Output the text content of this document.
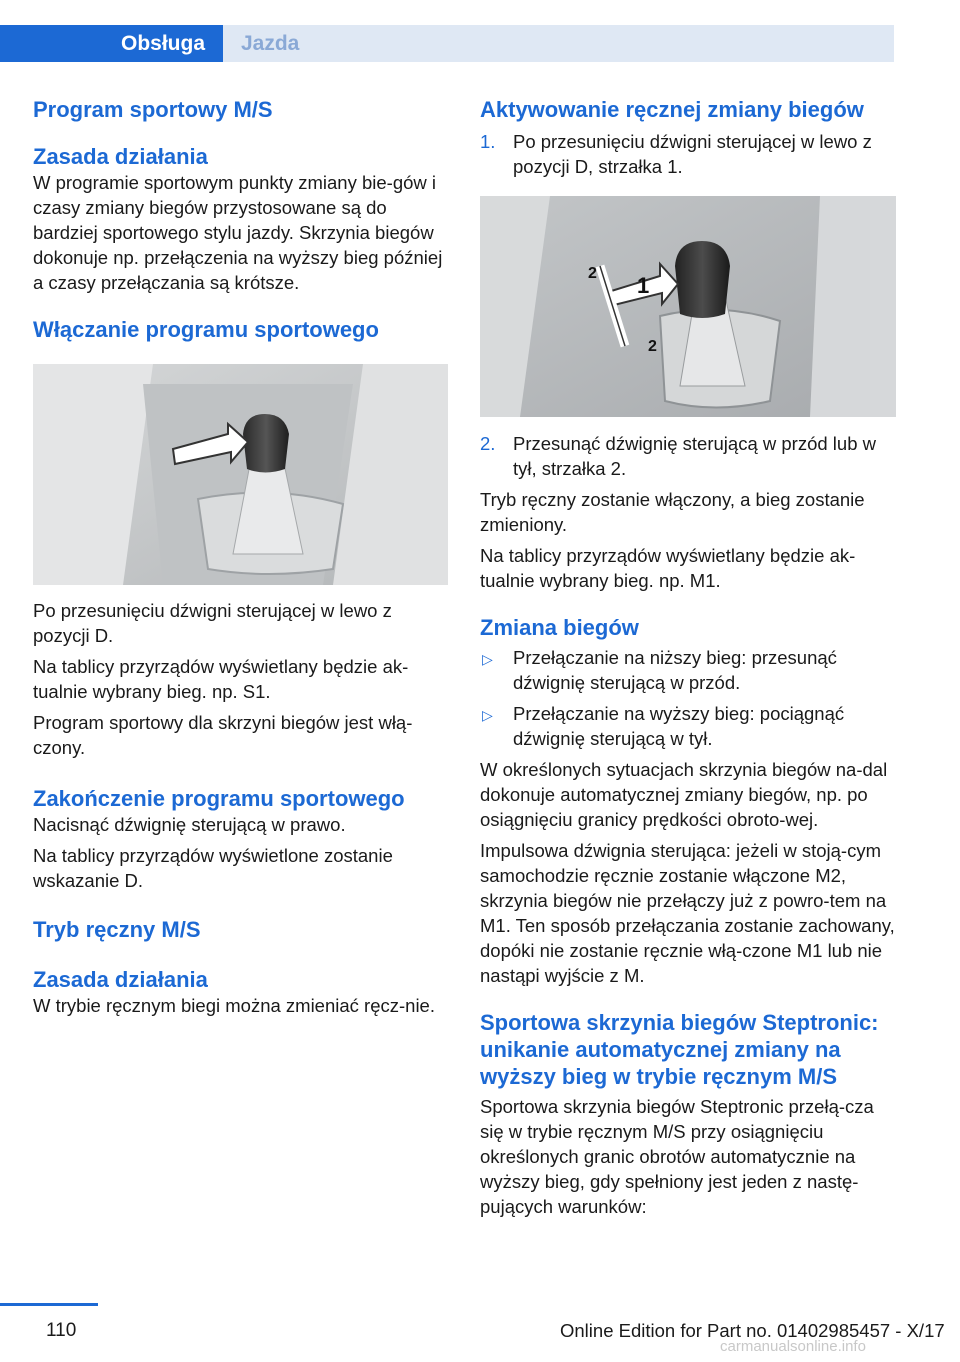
Obsługa	Jazda
Program sportowy M/S
Zasada działania

W programie sportowym punkty zmiany bie‐gów i czasy zmiany biegów przystosowane są do bardziej sportowego stylu jazdy. Skrzynia biegów dokonuje np. przełączenia na wyższy bieg później a czasy przełączania są krótsze.

Włączanie programu sportowego

Po przesunięciu dźwigni sterującej w lewo z pozycji D.

Na tablicy przyrządów wyświetlany będzie ak‐tualnie wybrany bieg. np. S1.

Program sportowy dla skrzyni biegów jest włą‐czony.

Zakończenie programu sportowego

Nacisnąć dźwignię sterującą w prawo.

Na tablicy przyrządów wyświetlone zostanie wskazanie D.

Tryb ręczny M/S
Zasada działania

W trybie ręcznym biegi można zmieniać ręcz‐nie.

Aktywowanie ręcznej zmiany biegów
1. Po przesunięciu dźwigni sterującej w lewo z pozycji D, strzałka 1.
1
2
2
2. Przesunąć dźwignię sterującą w przód lub w tył, strzałka 2.

Tryb ręczny zostanie włączony, a bieg zostanie zmieniony.

Na tablicy przyrządów wyświetlany będzie ak‐tualnie wybrany bieg. np. M1.

Zmiana biegów
▷ Przełączanie na niższy bieg: przesunąć dźwignię sterującą w przód.
▷ Przełączanie na wyższy bieg: pociągnąć dźwignię sterującą w tył.

W określonych sytuacjach skrzynia biegów na‐dal dokonuje automatycznej zmiany biegów, np. po osiągnięciu granicy prędkości obroto‐wej.

Impulsowa dźwignia sterująca: jeżeli w stoją‐cym samochodzie ręcznie zostanie włączone M2, skrzynia biegów nie przełączy już z powro‐tem na M1. Ten sposób przełączania zostanie zachowany, dopóki nie zostanie ręcznie włą‐czone M1 lub nie nastąpi wyjście z M.

Sportowa skrzynia biegów Steptronic: unikanie automatycznej zmiany na wyższy bieg w trybie ręcznym M/S

Sportowa skrzynia biegów Steptronic przełą‐cza się w trybie ręcznym M/S przy osiągnięciu określonych granic obrotów automatycznie na wyższy bieg, gdy spełniony jest jeden z nastę‐pujących warunków:

110	Online Edition for Part no. 01402985457 - X/17
carmanualsonline.info
